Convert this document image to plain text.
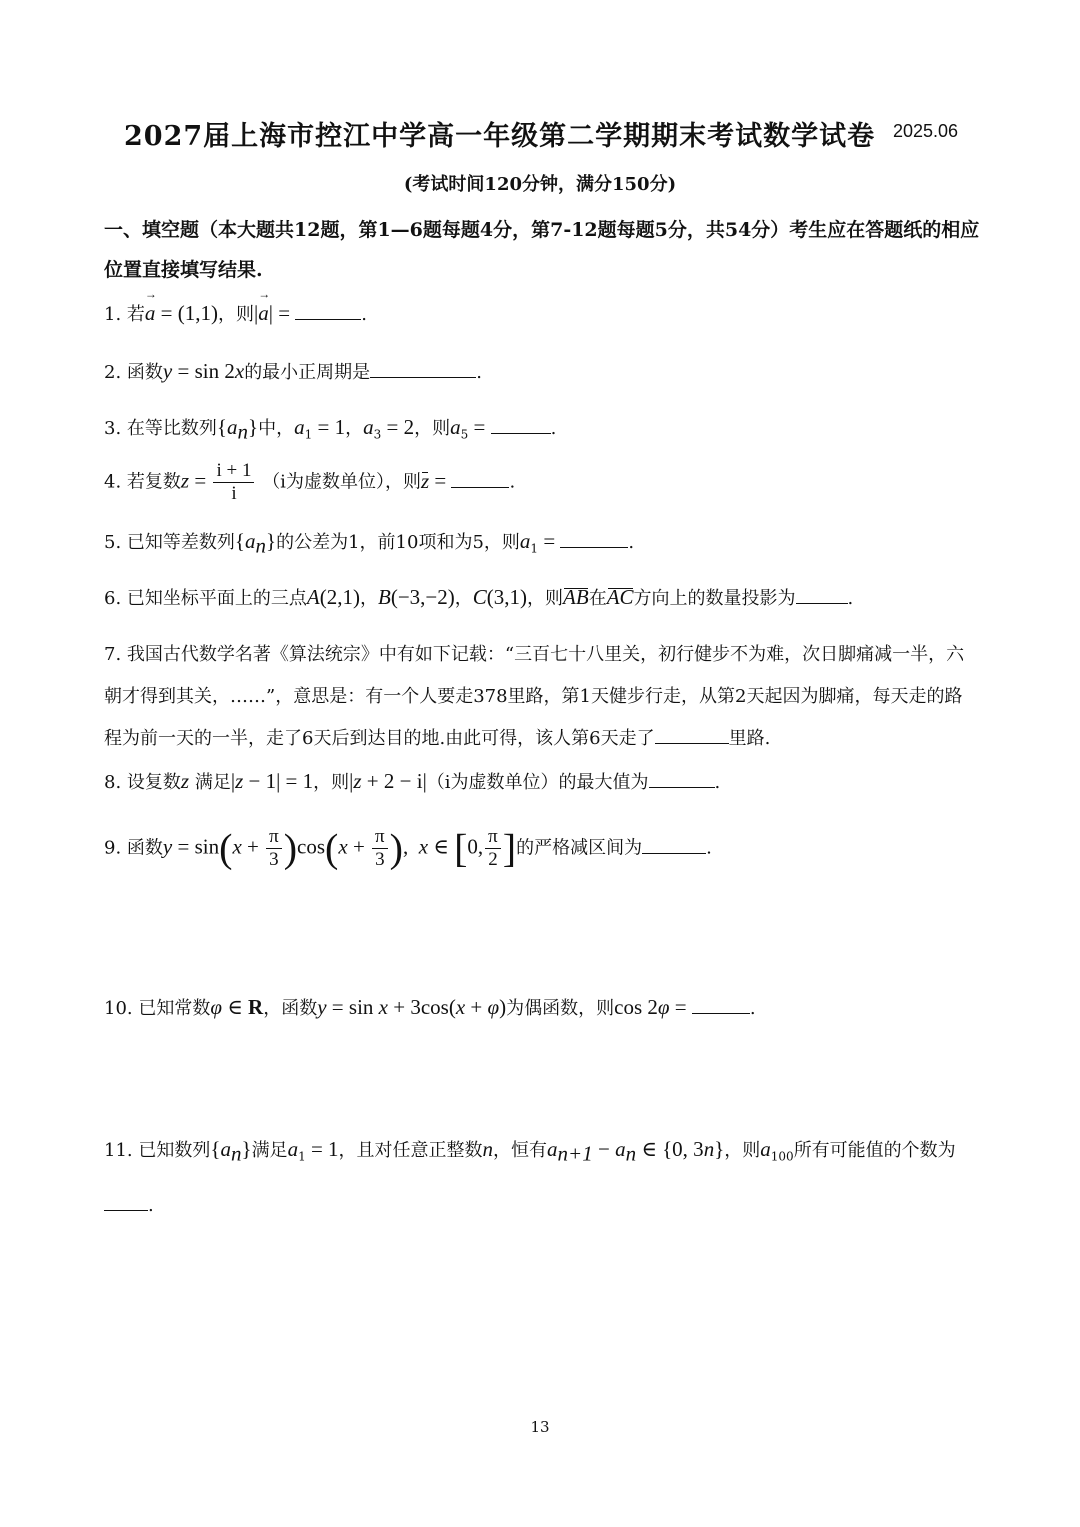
2027届上海市控江中学高一年级第二学期期末考试数学试卷 2025.06
(考试时间120分钟，满分150分)
一、填空题（本大题共12题，第1—6题每题4分，第7-12题每题5分，共54分）考生应在答题纸的相应位置直接填写结果.
1. 若a → = (1,1)，则|a →| =	.
2. 函数y = sin 2x的最小正周期是	.
3. 在等比数列$\{a_n\}$中，$a_1 = 1$，$a_3 = 2$，则$a_5$ =	.
4. 若复数$z = \frac{i + 1}{i} (i$为虚数单位），则z =	.
5. 已知等差数列$\{a_n\}$的公差为1，前10项和为5，则$a_1$ =	.
6. 已知坐标平面上的三点A(2,1)，B(−3,−2)，C(3,1)，则AB在AC方向上的数量投影为	.
7. 我国古代数学名著《算法统宗》中有如下记载：“三百七十八里关，初行健步不为难，次日脚痛减一半，六朝才得到其关，……”，意思是：有一个人要走378里路，第1天健步行走，从第2天起因为脚痛，每天走的路程为前一天的一半，走了6天后到达目的地.由此可得，该人第6天走了	里路.
8. 设复数z 满足|z − 1| = 1，则|z + 2 − i|（i为虚数单位）的最大值为	.
9. 函数$y = \sin(x + \frac{\pi}{3} )\cos(x + \frac{\pi}{3}$ ),  x ∈ [0, $\frac{\pi}{2}$ ]的严格减区间为	.
10. 已知常数φ ∈ R，函数y = sin x + 3cos(x + φ)为偶函数，则cos 2φ =	.
11. 已知数列$\{a_n\}$满足$a_1 = 1$，且对任意正整数n，恒有$a_{n+1} - a_n$ ∈ {0, 3n}，则$a_{100}$所有可能值的个数为
.
13
